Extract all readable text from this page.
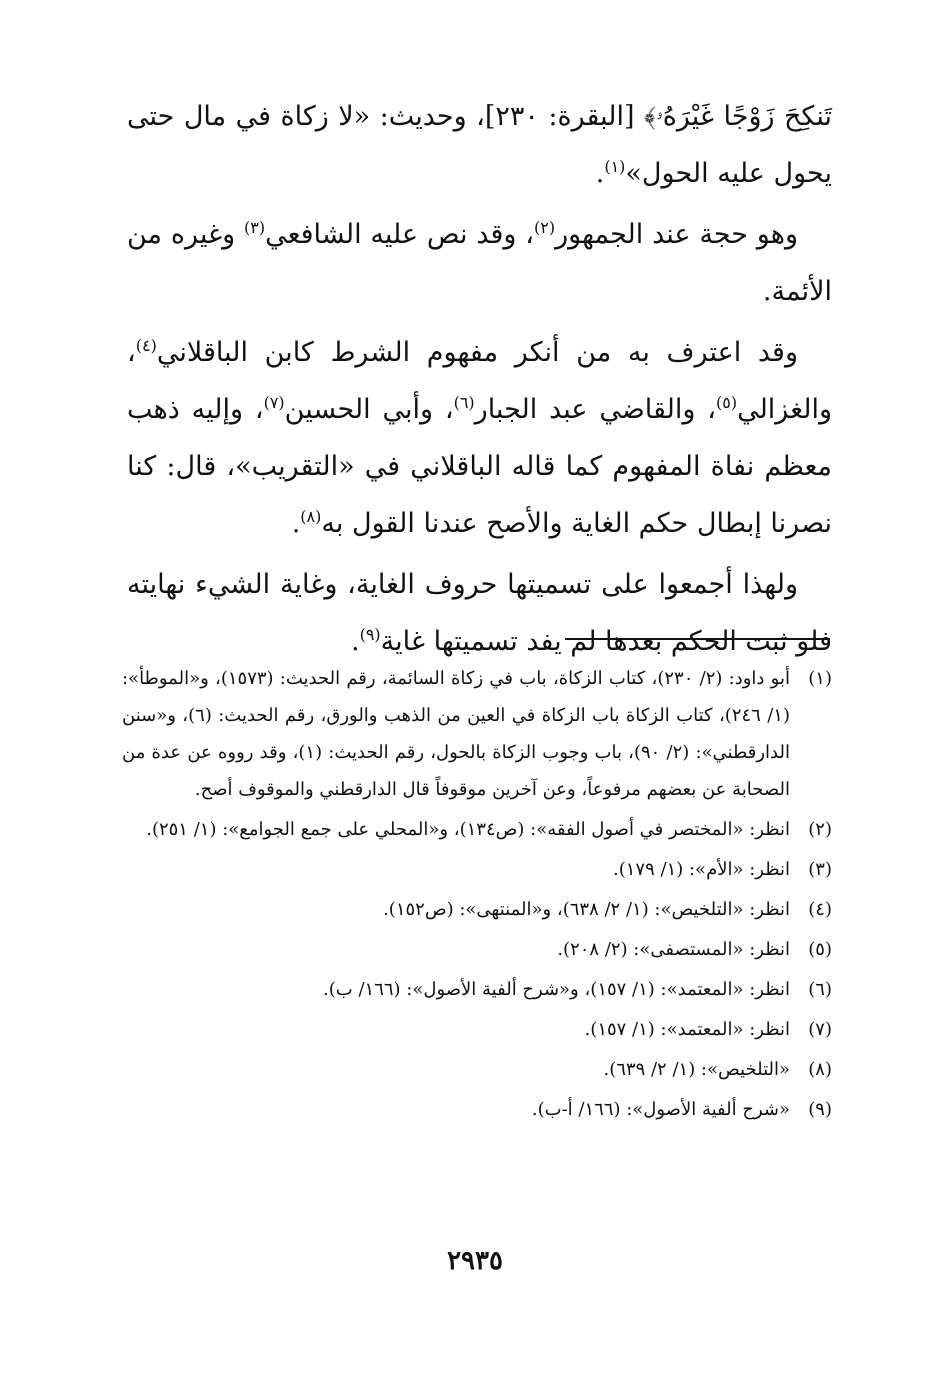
تَنكِحَ زَوْجًا غَيْرَهُۥ﴾ [البقرة: ٢٣٠]، وحديث: «لا زكاة في مال حتى يحول عليه الحول»$^{(١)}$.

وهو حجة عند الجمهور$^{(٢)}$، وقد نص عليه الشافعي$^{(٣)}$ وغيره من الأئمة.

وقد اعترف به من أنكر مفهوم الشرط كابن الباقلاني$^{(٤)}$، والغزالي$^{(٥)}$، والقاضي عبد الجبار$^{(٦)}$، وأبي الحسين$^{(٧)}$، وإليه ذهب معظم نفاة المفهوم كما قاله الباقلاني في «التقريب»، قال: كنا نصرنا إبطال حكم الغاية والأصح عندنا القول به$^{(٨)}$.

ولهذا أجمعوا على تسميتها حروف الغاية، وغاية الشيء نهايته فلو ثبت الحكم بعدها لم يفد تسميتها غاية$^{(٩)}$.

(١)
أبو داود: (٢/ ٢٣٠)، كتاب الزكاة، باب في زكاة السائمة، رقم الحديث: (١٥٧٣)، و«الموطأ»: (١/ ٢٤٦)، كتاب الزكاة باب الزكاة في العين من الذهب والورق، رقم الحديث: (٦)، و«سنن الدارقطني»: (٢/ ٩٠)، باب وجوب الزكاة بالحول، رقم الحديث: (١)، وقد رووه عن عدة من الصحابة عن بعضهم مرفوعاً، وعن آخرين موقوفاً قال الدارقطني والموقوف أصح.
(٢)
انظر: «المختصر في أصول الفقه»: (ص١٣٤)، و«المحلي على جمع الجوامع»: (١/ ٢٥١).
(٣)
انظر: «الأم»: (١/ ١٧٩).
(٤)
انظر: «التلخيص»: (١/ ٢/ ٦٣٨)، و«المنتهى»: (ص١٥٢).
(٥)
انظر: «المستصفى»: (٢/ ٢٠٨).
(٦)
انظر: «المعتمد»: (١/ ١٥٧)، و«شرح ألفية الأصول»: (١٦٦/ ب).
(٧)
انظر: «المعتمد»: (١/ ١٥٧).
(٨)
«التلخيص»: (١/ ٢/ ٦٣٩).
(٩)
«شرح ألفية الأصول»: (١٦٦/ أ-ب).
٢٩٣٥
